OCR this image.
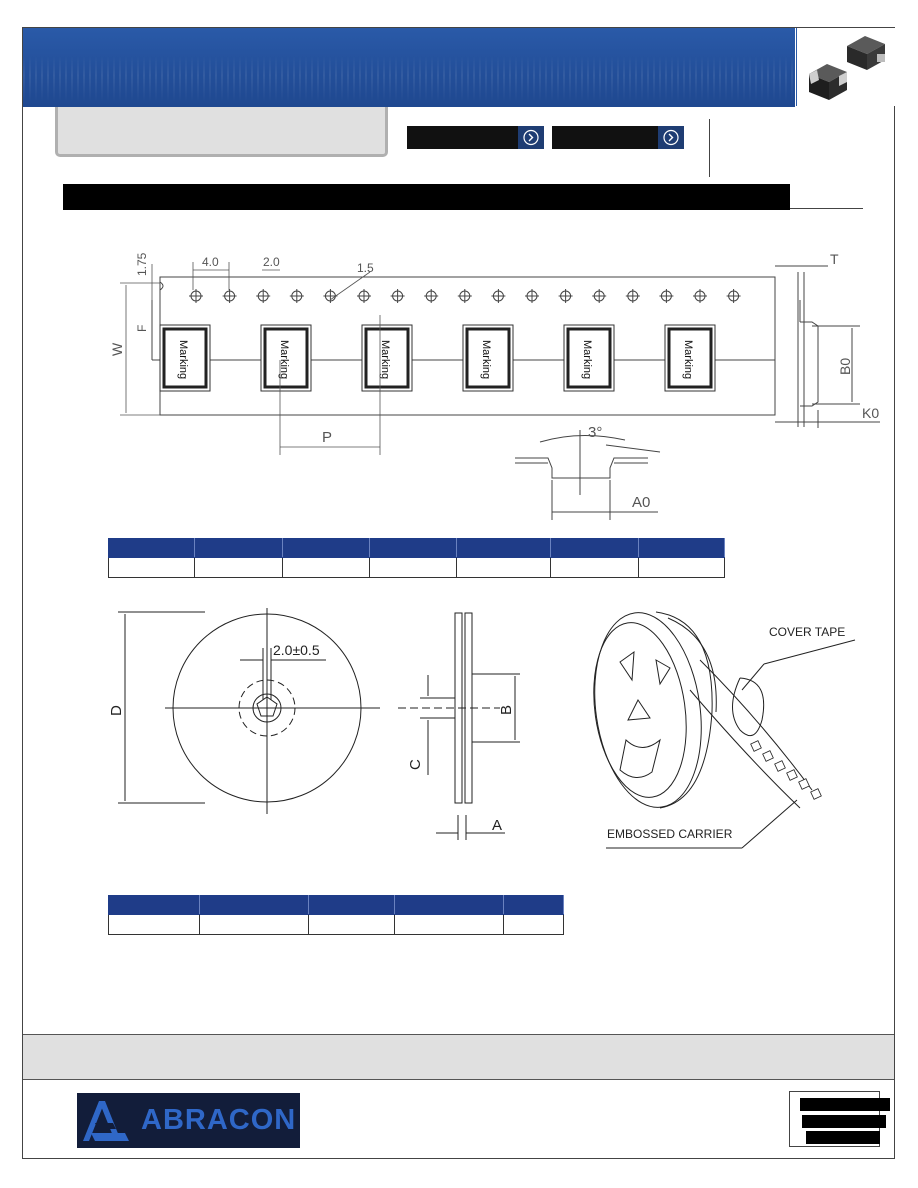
Marking	Marking	Marking	Marking	Marking	Marking
1.75	4.0	2.0	1.5
F
W
P
T
B0
K0
3°
A0

2.0±0.5
D	B
C
A
COVER TAPE
EMBOSSED CARRIER

ABRACON
